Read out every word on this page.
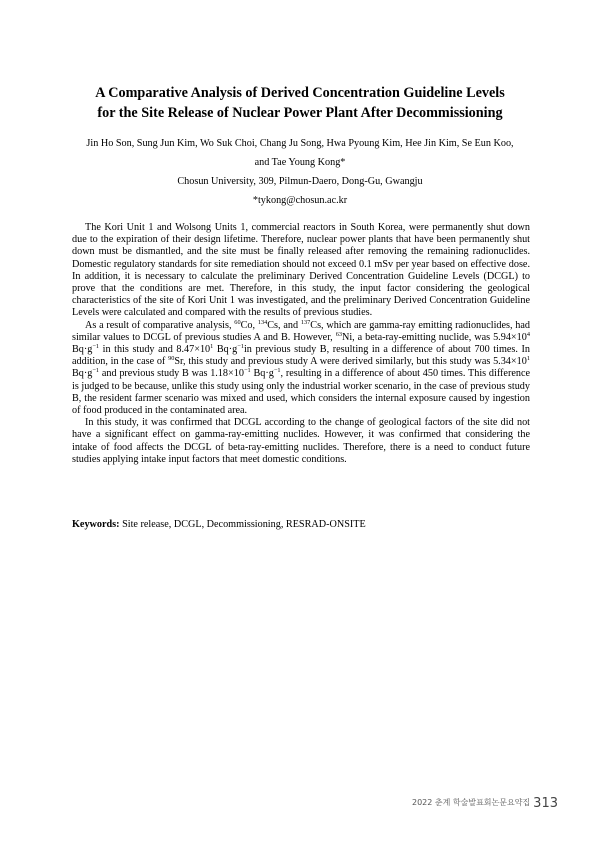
A Comparative Analysis of Derived Concentration Guideline Levels
for the Site Release of Nuclear Power Plant After Decommissioning
Jin Ho Son, Sung Jun Kim, Wo Suk Choi, Chang Ju Song, Hwa Pyoung Kim, Hee Jin Kim, Se Eun Koo,
and Tae Young Kong*
Chosun University, 309, Pilmun-Daero, Dong-Gu, Gwangju
*tykong@chosun.ac.kr

The Kori Unit 1 and Wolsong Units 1, commercial reactors in South Korea, were permanently shut down due to the expiration of their design lifetime. Therefore, nuclear power plants that have been permanently shut down must be dismantled, and the site must be finally released after removing the remaining radionuclides. Domestic regulatory standards for site remediation should not exceed 0.1 mSv per year based on effective dose. In addition, it is necessary to calculate the preliminary Derived Concentration Guideline Levels (DCGL) to prove that the conditions are met. Therefore, in this study, the input factor considering the geological characteristics of the site of Kori Unit 1 was investigated, and the preliminary Derived Concentration Guideline Levels were calculated and compared with the results of previous studies.

As a result of comparative analysis, $^{60}$Co, $^{134}$Cs, and $^{137}$Cs, which are gamma-ray emitting radionuclides, had similar values to DCGL of previous studies A and B. However, $^{63}$Ni, a beta-ray-emitting nuclide, was $5.94\times 10^4$ $Bq\cdot g^{-1}$ in this study and $8.47\times 10^1$ $Bq\cdot g^{-1}in$ previous study B, resulting in a difference of about 700 times. In addition, in the case of $^{90}$Sr, this study and previous study A were derived similarly, but this study was $5.34\times 10^1$ $Bq\cdot g^{-1}$ and previous study B was $1.18\times 10^{-1}$ $Bq\cdot g^{-1}$, resulting in a difference of about 450 times. This difference is judged to be because, unlike this study using only the industrial worker scenario, in the case of previous study B, the resident farmer scenario was mixed and used, which considers the internal exposure caused by ingestion of food produced in the contaminated area.

In this study, it was confirmed that DCGL according to the change of geological factors of the site did not have a significant effect on gamma-ray-emitting nuclides. However, it was confirmed that considering the intake of food affects the DCGL of beta-ray-emitting nuclides. Therefore, there is a need to conduct future studies applying intake input factors that meet domestic conditions.

Keywords: Site release, DCGL, Decommissioning, RESRAD-ONSITE
2022 춘계 학술발표회논문요약집 313
